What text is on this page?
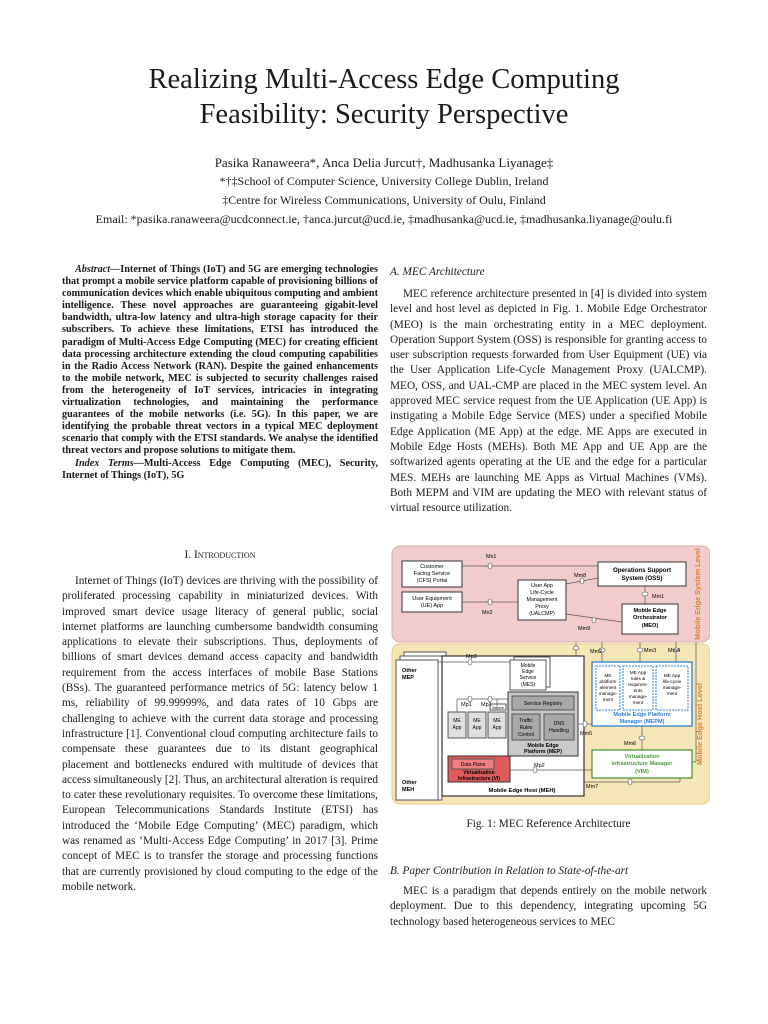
Realizing Multi-Access Edge Computing
Feasibility: Security Perspective
Pasika Ranaweera*, Anca Delia Jurcut†, Madhusanka Liyanage‡
*†‡School of Computer Science, University College Dublin, Ireland
‡Centre for Wireless Communications, University of Oulu, Finland
Email: *pasika.ranaweera@ucdconnect.ie, †anca.jurcut@ucd.ie, ‡madhusanka@ucd.ie, ‡madhusanka.liyanage@oulu.fi

Abstract—Internet of Things (IoT) and 5G are emerging technologies that prompt a mobile service platform capable of provisioning billions of communication devices which enable ubiquitous computing and ambient intelligence. These novel approaches are guaranteeing gigabit-level bandwidth, ultra-low latency and ultra-high storage capacity for their subscribers. To achieve these limitations, ETSI has introduced the paradigm of Multi-Access Edge Computing (MEC) for creating efficient data processing architecture extending the cloud computing capabilities in the Radio Access Network (RAN). Despite the gained enhancements to the mobile network, MEC is subjected to security challenges raised from the heterogeneity of IoT services, intricacies in integrating virtualization technologies, and maintaining the performance guarantees of the mobile networks (i.e. 5G). In this paper, we are identifying the probable threat vectors in a typical MEC deployment scenario that comply with the ETSI standards. We analyse the identified threat vectors and propose solutions to mitigate them.

Index Terms—Multi-Access Edge Computing (MEC), Security, Internet of Things (IoT), 5G

I. Introduction

Internet of Things (IoT) devices are thriving with the possibility of proliferated processing capability in miniaturized devices. With improved smart device usage literacy of general public, social internet platforms are launching cumbersome bandwidth consuming applications to elevate their subscriptions. Thus, deployments of billions of smart devices demand access capacity and bandwidth requirement from the access interfaces of mobile Base Stations (BSs). The guaranteed performance metrics of 5G: latency below 1 ms, reliability of 99.99999%, and data rates of 10 Gbps are challenging to achieve with the current data storage and processing infrastructure [1]. Conventional cloud computing architecture fails to compensate these guarantees due to its distant geographical placement and bottlenecks endured with multitude of devices that access simultaneously [2]. Thus, an architectural alteration is required to cater these revolutionary requisites. To overcome these limitations, European Telecommunications Standards Institute (ETSI) has introduced the ‘Mobile Edge Computing’ (MEC) paradigm, which was renamed as ‘Multi-Access Edge Computing’ in 2017 [3]. Prime concept of MEC is to transfer the storage and processing functions that are currently provisioned by cloud computing to the edge of the mobile network.

A. MEC Architecture

MEC reference architecture presented in [4] is divided into system level and host level as depicted in Fig. 1. Mobile Edge Orchestrator (MEO) is the main orchestrating entity in a MEC deployment. Operation Support System (OSS) is responsible for granting access to user subscription requests forwarded from User Equipment (UE) via the User Application Life-Cycle Management Proxy (UALCMP). MEO, OSS, and UAL-CMP are placed in the MEC system level. An approved MEC service request from the UE Application (UE App) is instigating a Mobile Edge Service (MES) under a specified Mobile Edge Application (ME App) at the edge. ME Apps are executed in Mobile Edge Hosts (MEHs). Both ME App and UE App are the softwarized agents operating at the UE and the edge for a particular MES. MEHs are launching ME Apps as Virtual Machines (VMs). Both MEPM and VIM are updating the MEO with relevant status of virtual resource utilization.

Mobile Edge System Level
Mobile Edge Host Level
Customer
Facing Service
(CFS) Portal
User Equipment
(UE) App
User App
Life-Cycle
Management
Proxy
(UALCMP)
Operations Support
System (OSS)
Mobile Edge
Orchestrator
(MEO)
Mx1
Mx2
Mm8
Mm9
Mm1
Other
MEP
Other
MEH	Mobile Edge Host (MEH)
Mobile
Edge
Service
(MES)
Service Registry
Traffic
Rules
Control
DNS
Handling
Mobile Edge
Platform (MEP)
ME
App
ME
App
ME
App
Service
Data Plane
Virtualization
Infrastructure (VI)
ME
platform
element
manage-
ment
ME App
rules &
requirem-
ents
manage-
ment
ME App
life-cycle
manage-
ment
Mobile Edge Platform
Manager (MEPM)
Virtualization
Infrastructure Manager
(VIM)
Mp3
Mp1 Mp1
Mm5
Mp2
Mm7
Mm6
Mm2	Mm3 Mm4
Fig. 1: MEC Reference Architecture

B. Paper Contribution in Relation to State-of-the-art

MEC is a paradigm that depends entirely on the mobile network deployment. Due to this dependency, integrating upcoming 5G technology based heterogeneous services to MEC
